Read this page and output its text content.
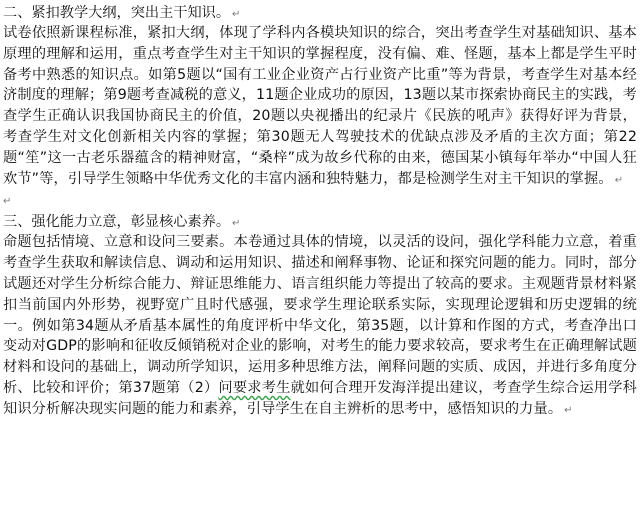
二、紧扣教学大纲，突出主干知识。 ↵

试卷依照新课程标准，紧扣大纲，体现了学科内各模块知识的综合，突出考查学生对基础知识、基本原理的理解和运用，重点考查学生对主干知识的掌握程度，没有偏、难、怪题，基本上都是学生平时备考中熟悉的知识点。如第5题以“国有工业企业资产占行业资产比重”等为背景，考查学生对基本经济制度的理解；第9题考查减税的意义，11题企业成功的原因，13题以某市探索协商民主的实践，考查学生正确认识我国协商民主的价值，20题以央视播出的纪录片《民族的吼声》获得好评为背景，考查学生对文化创新相关内容的掌握；第30题无人驾驶技术的优缺点涉及矛盾的主次方面；第22题“笙”这一古老乐器蕴含的精神财富，“桑梓”成为故乡代称的由来，德国某小镇每年举办“中国人狂欢节”等，引导学生领略中华优秀文化的丰富内涵和独特魅力，都是检测学生对主干知识的掌握。 ↵

↵
三、强化能力立意，彰显核心素养。 ↵

命题包括情境、立意和设问三要素。本卷通过具体的情境，以灵活的设问，强化学科能力立意，着重考查学生获取和解读信息、调动和运用知识、描述和阐释事物、论证和探究问题的能力。同时，部分试题还对学生分析综合能力、辩证思维能力、语言组织能力等提出了较高的要求。主观题背景材料紧扣当前国内外形势，视野宽广且时代感强，要求学生理论联系实际，实现理论逻辑和历史逻辑的统一。例如第34题从矛盾基本属性的角度评析中华文化，第35题，以计算和作图的方式，考查净出口变动对GDP的影响和征收反倾销税对企业的影响，对考生的能力要求较高，要求考生在正确理解试题材料和设问的基础上，调动所学知识，运用多种思维方法，阐释问题的实质、成因，并进行多角度分析、比较和评价；第37题第（2）问要求考生就如何合理开发海洋提出建议，考查学生综合运用学科知识分析解决现实问题的能力和素养，引导学生在自主辨析的思考中，感悟知识的力量。 ↵
